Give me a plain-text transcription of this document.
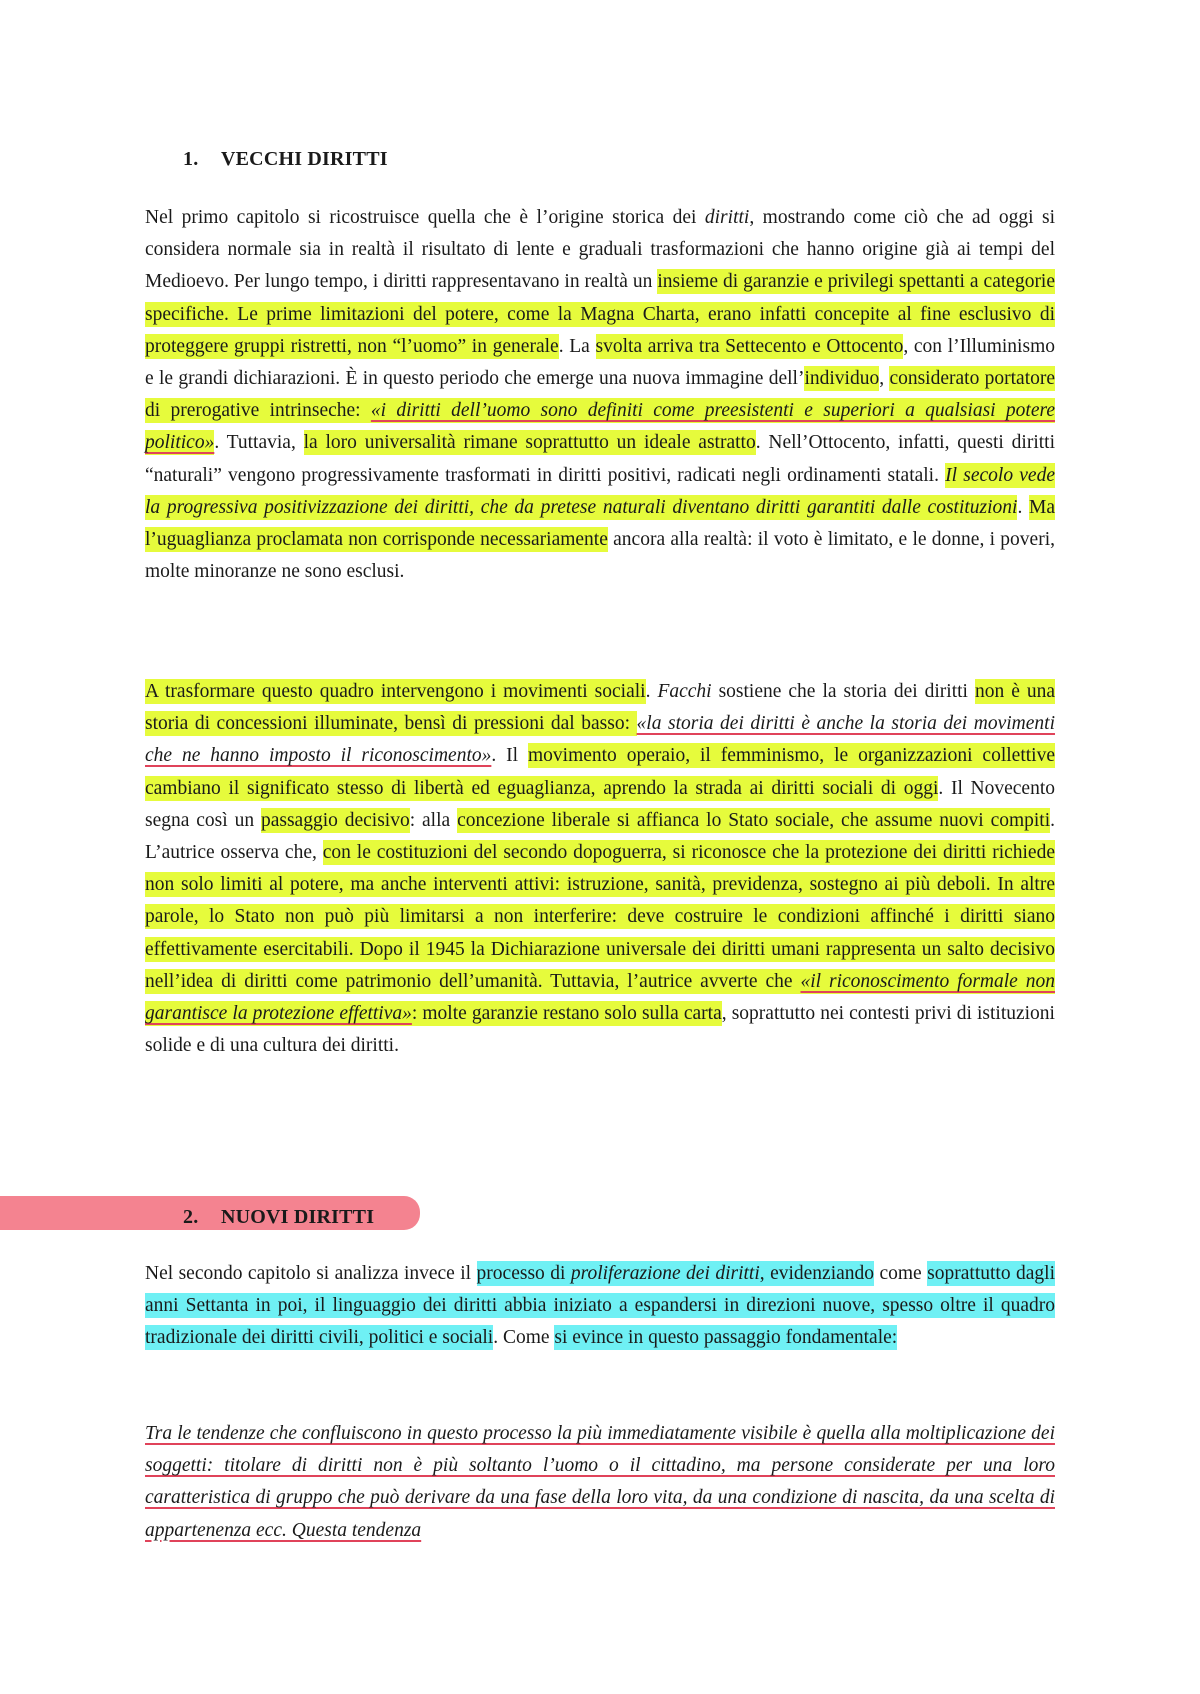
1. VECCHI DIRITTI

Nel primo capitolo si ricostruisce quella che è l’origine storica dei diritti, mostrando come ciò che ad oggi si considera normale sia in realtà il risultato di lente e graduali trasformazioni che hanno origine già ai tempi del Medioevo. Per lungo tempo, i diritti rappresentavano in realtà un insieme di garanzie e privilegi spettanti a categorie specifiche. Le prime limitazioni del potere, come la Magna Charta, erano infatti concepite al fine esclusivo di proteggere gruppi ristretti, non “l’uomo” in generale. La svolta arriva tra Settecento e Ottocento, con l’Illuminismo e le grandi dichiarazioni. È in questo periodo che emerge una nuova immagine dell’individuo, considerato portatore di prerogative intrinseche: «i diritti dell’uomo sono definiti come preesistenti e superiori a qualsiasi potere politico». Tuttavia, la loro universalità rimane soprattutto un ideale astratto. Nell’Ottocento, infatti, questi diritti “naturali” vengono progressivamente trasformati in diritti positivi, radicati negli ordinamenti statali. Il secolo vede la progressiva positivizzazione dei diritti, che da pretese naturali diventano diritti garantiti dalle costituzioni. Ma l’uguaglianza proclamata non corrisponde necessariamente ancora alla realtà: il voto è limitato, e le donne, i poveri, molte minoranze ne sono esclusi.

A trasformare questo quadro intervengono i movimenti sociali. Facchi sostiene che la storia dei diritti non è una storia di concessioni illuminate, bensì di pressioni dal basso: «la storia dei diritti è anche la storia dei movimenti che ne hanno imposto il riconoscimento». Il movimento operaio, il femminismo, le organizzazioni collettive cambiano il significato stesso di libertà ed eguaglianza, aprendo la strada ai diritti sociali di oggi. Il Novecento segna così un passaggio decisivo: alla concezione liberale si affianca lo Stato sociale, che assume nuovi compiti. L’autrice osserva che, con le costituzioni del secondo dopoguerra, si riconosce che la protezione dei diritti richiede non solo limiti al potere, ma anche interventi attivi: istruzione, sanità, previdenza, sostegno ai più deboli. In altre parole, lo Stato non può più limitarsi a non interferire: deve costruire le condizioni affinché i diritti siano effettivamente esercitabili. Dopo il 1945 la Dichiarazione universale dei diritti umani rappresenta un salto decisivo nell’idea di diritti come patrimonio dell’umanità. Tuttavia, l’autrice avverte che «il riconoscimento formale non garantisce la protezione effettiva»: molte garanzie restano solo sulla carta, soprattutto nei contesti privi di istituzioni solide e di una cultura dei diritti.

2. NUOVI DIRITTI

Nel secondo capitolo si analizza invece il processo di proliferazione dei diritti, evidenziando come soprattutto dagli anni Settanta in poi, il linguaggio dei diritti abbia iniziato a espandersi in direzioni nuove, spesso oltre il quadro tradizionale dei diritti civili, politici e sociali. Come si evince in questo passaggio fondamentale:

Tra le tendenze che confluiscono in questo processo la più immediatamente visibile è quella alla moltiplicazione dei soggetti: titolare di diritti non è più soltanto l’uomo o il cittadino, ma persone considerate per una loro caratteristica di gruppo che può derivare da una fase della loro vita, da una condizione di nascita, da una scelta di appartenenza ecc. Questa tendenza
